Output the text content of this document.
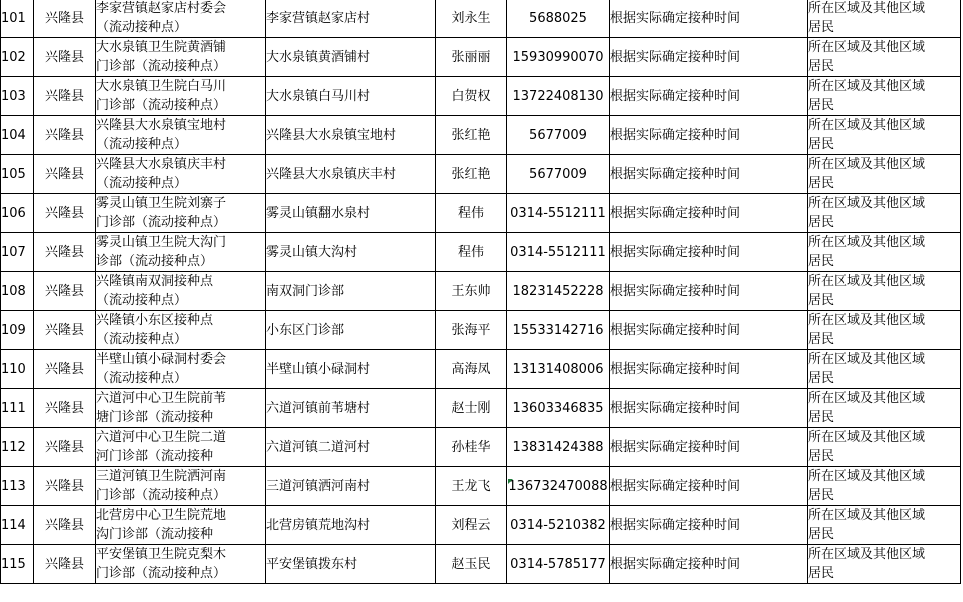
101	兴隆县	李家营镇赵家店村委会
（流动接种点）	李家营镇赵家店村	刘永生	5688025	根据实际确定接种时间	所在区域及其他区域
居民

102	兴隆县	大水泉镇卫生院黄酒铺
门诊部（流动接种点）	大水泉镇黄酒铺村	张丽丽	15930990070	根据实际确定接种时间	所在区域及其他区域
居民

103	兴隆县	大水泉镇卫生院白马川
门诊部（流动接种点）	大水泉镇白马川村	白贺权	13722408130	根据实际确定接种时间	所在区域及其他区域
居民

104	兴隆县	兴隆县大水泉镇宝地村
（流动接种点）	兴隆县大水泉镇宝地村	张红艳	5677009	根据实际确定接种时间	所在区域及其他区域
居民

105	兴隆县	兴隆县大水泉镇庆丰村
（流动接种点）	兴隆县大水泉镇庆丰村	张红艳	5677009	根据实际确定接种时间	所在区域及其他区域
居民

106	兴隆县	雾灵山镇卫生院刘寨子
门诊部（流动接种点）	雾灵山镇翻水泉村	程伟	0314-5512111	根据实际确定接种时间	所在区域及其他区域
居民

107	兴隆县	雾灵山镇卫生院大沟门
诊部（流动接种点）	雾灵山镇大沟村	程伟	0314-5512111	根据实际确定接种时间	所在区域及其他区域
居民

108	兴隆县	兴隆镇南双洞接种点
（流动接种点）	南双洞门诊部	王东帅	18231452228	根据实际确定接种时间	所在区域及其他区域
居民

109	兴隆县	兴隆镇小东区接种点
（流动接种点）	小东区门诊部	张海平	15533142716	根据实际确定接种时间	所在区域及其他区域
居民

110	兴隆县	半壁山镇小碌洞村委会
（流动接种点）	半壁山镇小碌洞村	高海凤	13131408006	根据实际确定接种时间	所在区域及其他区域
居民

111	兴隆县	六道河中心卫生院前苇
塘门诊部（流动接种	六道河镇前苇塘村	赵士刚	13603346835	根据实际确定接种时间	所在区域及其他区域
居民

112	兴隆县	六道河中心卫生院二道
河门诊部（流动接种	六道河镇二道河村	孙桂华	13831424388	根据实际确定接种时间	所在区域及其他区域
居民

113	兴隆县	三道河镇卫生院洒河南
门诊部（流动接种点）	三道河镇洒河南村	王龙飞	136732470088	根据实际确定接种时间	所在区域及其他区域
居民

114	兴隆县	北营房中心卫生院荒地
沟门诊部（流动接种	北营房镇荒地沟村	刘程云	0314-5210382	根据实际确定接种时间	所在区域及其他区域
居民

115	兴隆县	平安堡镇卫生院克梨木
门诊部（流动接种点）	平安堡镇拨东村	赵玉民	0314-5785177	根据实际确定接种时间	所在区域及其他区域
居民
